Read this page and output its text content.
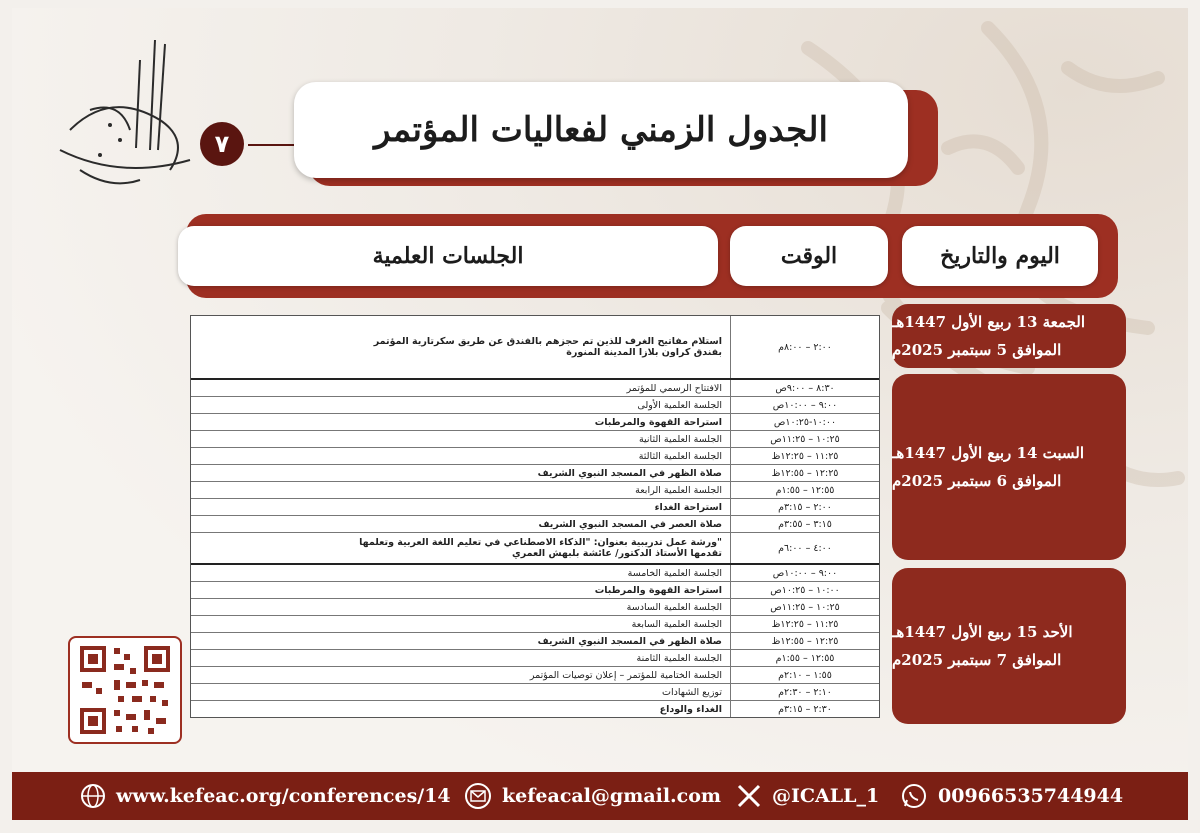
٧	الجدول الزمني لفعاليات المؤتمر
الجلسات العلمية	الوقت	اليوم والتاريخ
استلام مفاتيح الغرف للذين تم حجزهم بالفندق عن طريق سكرتارية المؤتمر
بفندق كراون بلازا المدينة المنورة	٢:٠٠ – ٨:٠٠م
الافتتاح الرسمي للمؤتمر	٨:٣٠ – ٩:٠٠ص
الجلسة العلمية الأولى	٩:٠٠ – ١٠:٠٠ص
استراحة القهوة والمرطبات	١٠:٠٠-١٠:٢٥ص
الجلسة العلمية الثانية	١٠:٢٥ – ١١:٢٥ص
الجلسة العلمية الثالثة	١١:٢٥ – ١٢:٢٥ظ
صلاة الظهر في المسجد النبوي الشريف	١٢:٢٥ – ١٢:٥٥ظ
الجلسة العلمية الرابعة	١٢:٥٥ – ١:٥٥م
استراحة الغداء	٢:٠٠ – ٣:١٥م
صلاة العصر في المسجد النبوي الشريف	٣:١٥ – ٣:٥٥م
ورشة عمل تدريبية بعنوان: "الذكاء الاصطناعي في تعليم اللغة العربية وتعلمها"
تقدمها الأستاذ الدكتور/ عائشة بلبهش العمري	٤:٠٠ – ٦:٠٠م
الجلسة العلمية الخامسة	٩:٠٠ – ١٠:٠٠ص
استراحة القهوة والمرطبات	١٠:٠٠ – ١٠:٢٥ص
الجلسة العلمية السادسة	١٠:٢٥ – ١١:٢٥ص
الجلسة العلمية السابعة	١١:٢٥ – ١٢:٢٥ظ
صلاة الظهر في المسجد النبوي الشريف	١٢:٢٥ – ١٢:٥٥ظ
الجلسة العلمية الثامنة	١٢:٥٥ – ١:٥٥م
الجلسة الختامية للمؤتمر – إعلان توصيات المؤتمر	١:٥٥ – ٢:١٠م
توزيع الشهادات	٢:١٠ – ٢:٣٠م
الغداء والوداع	٢:٣٠ – ٣:١٥م
الجمعة 13 ربيع الأول 1447هـ
الموافق 5 سبتمبر 2025م
السبت 14 ربيع الأول 1447هـ
الموافق 6 سبتمبر 2025م
الأحد 15 ربيع الأول 1447هـ
الموافق 7 سبتمبر 2025م
www.kefeac.org/conferences/14	kefeacal@gmail.com	@ICALL_1	00966535744944
